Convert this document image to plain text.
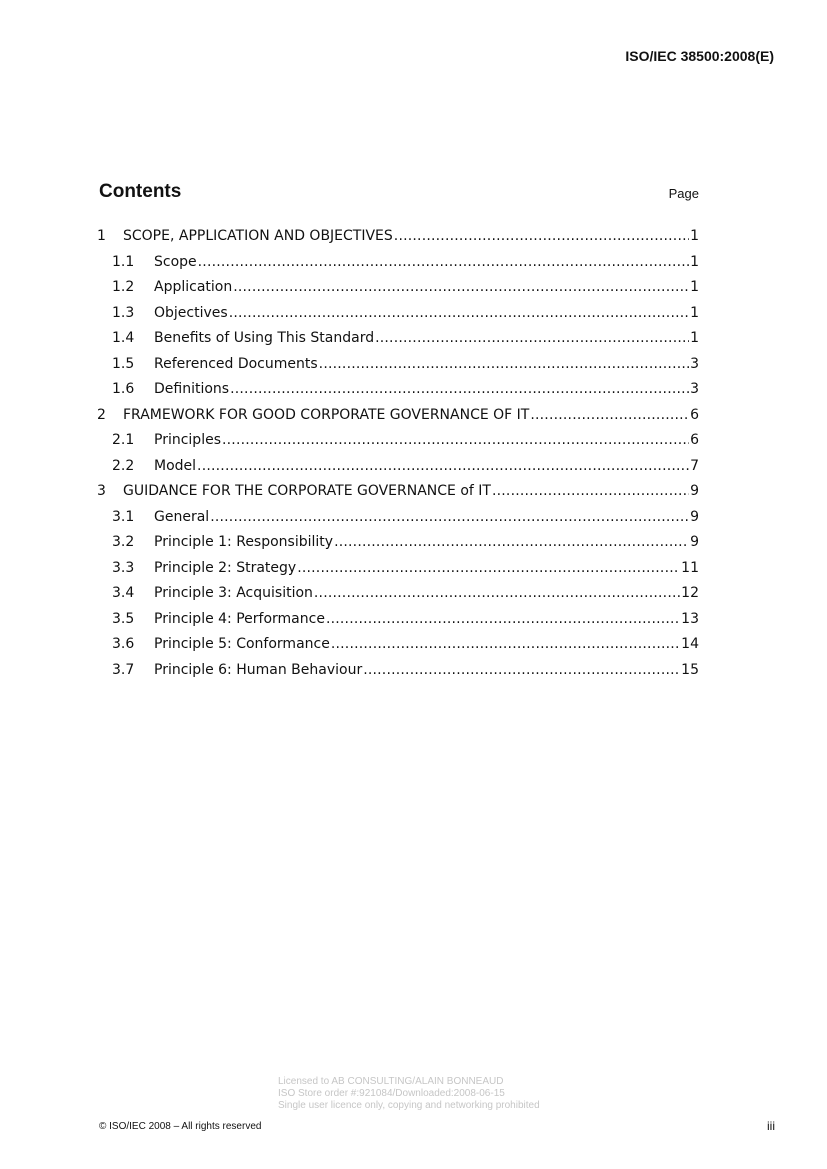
ISO/IEC 38500:2008(E)
Contents	Page
1	SCOPE, APPLICATION AND OBJECTIVES .....	1
1.1	Scope .....	1
1.2	Application .....	1
1.3	Objectives .....	1
1.4	Benefits of Using This Standard .....	1
1.5	Referenced Documents .....	3
1.6	Definitions .....	3
2	FRAMEWORK FOR GOOD CORPORATE GOVERNANCE OF IT .....	6
2.1	Principles .....	6
2.2	Model .....	7
3	GUIDANCE FOR THE CORPORATE GOVERNANCE of IT .....	9
3.1	General .....	9
3.2	Principle 1: Responsibility .....	9
3.3	Principle 2: Strategy .....	11
3.4	Principle 3: Acquisition .....	12
3.5	Principle 4: Performance .....	13
3.6	Principle 5: Conformance .....	14
3.7	Principle 6: Human Behaviour .....	15
Licensed to AB CONSULTING/ALAIN BONNEAUD
ISO Store order #:921084/Downloaded:2008-06-15
Single user licence only, copying and networking prohibited
© ISO/IEC 2008 – All rights reserved	iii
